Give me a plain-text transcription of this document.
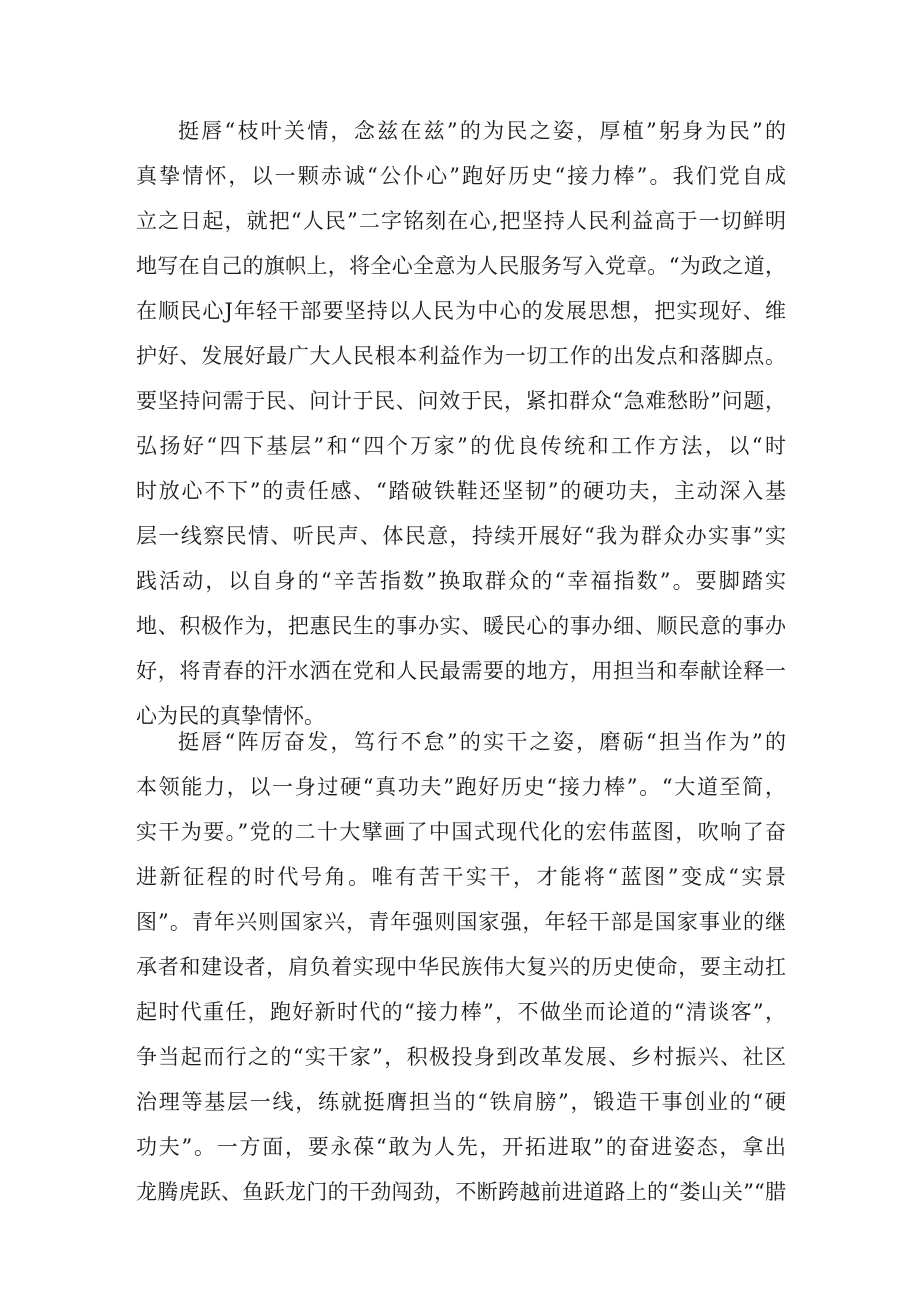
挺唇“枝叶关情，念兹在兹”的为民之姿，厚植”躬身为民”的
真挚情怀，以一颗赤诚“公仆心”跑好历史“接力棒”。我们党自成
立之日起，就把“人民”二字铭刻在心,把坚持人民利益高于一切鲜明
地写在自己的旗帜上，将全心全意为人民服务写入党章。“为政之道，
在顺民心J年轻干部要坚持以人民为中心的发展思想，把实现好、维
护好、发展好最广大人民根本利益作为一切工作的出发点和落脚点。
要坚持问需于民、问计于民、问效于民，紧扣群众“急难愁盼”问题，
弘扬好“四下基层”和“四个万家”的优良传统和工作方法，以“时
时放心不下”的责任感、“踏破铁鞋还坚韧”的硬功夫，主动深入基
层一线察民情、听民声、体民意，持续开展好“我为群众办实事”实
践活动，以自身的“辛苦指数”换取群众的“幸福指数”。要脚踏实
地、积极作为，把惠民生的事办实、暖民心的事办细、顺民意的事办
好，将青春的汗水洒在党和人民最需要的地方，用担当和奉献诠释一
心为民的真挚情怀。
挺唇“阵厉奋发，笃行不怠”的实干之姿，磨砺“担当作为”的
本领能力，以一身过硬“真功夫”跑好历史“接力棒”。“大道至简，
实干为要。”党的二十大擘画了中国式现代化的宏伟蓝图，吹响了奋
进新征程的时代号角。唯有苦干实干，才能将“蓝图”变成“实景
图”。青年兴则国家兴，青年强则国家强，年轻干部是国家事业的继
承者和建设者，肩负着实现中华民族伟大复兴的历史使命，要主动扛
起时代重任，跑好新时代的“接力棒”，不做坐而论道的“清谈客”，
争当起而行之的“实干家”，积极投身到改革发展、乡村振兴、社区
治理等基层一线，练就挺膺担当的“铁肩膀”，锻造干事创业的“硬
功夫”。一方面，要永葆“敢为人先，开拓进取”的奋进姿态，拿出
龙腾虎跃、鱼跃龙门的干劲闯劲，不断跨越前进道路上的“娄山关”“腊
